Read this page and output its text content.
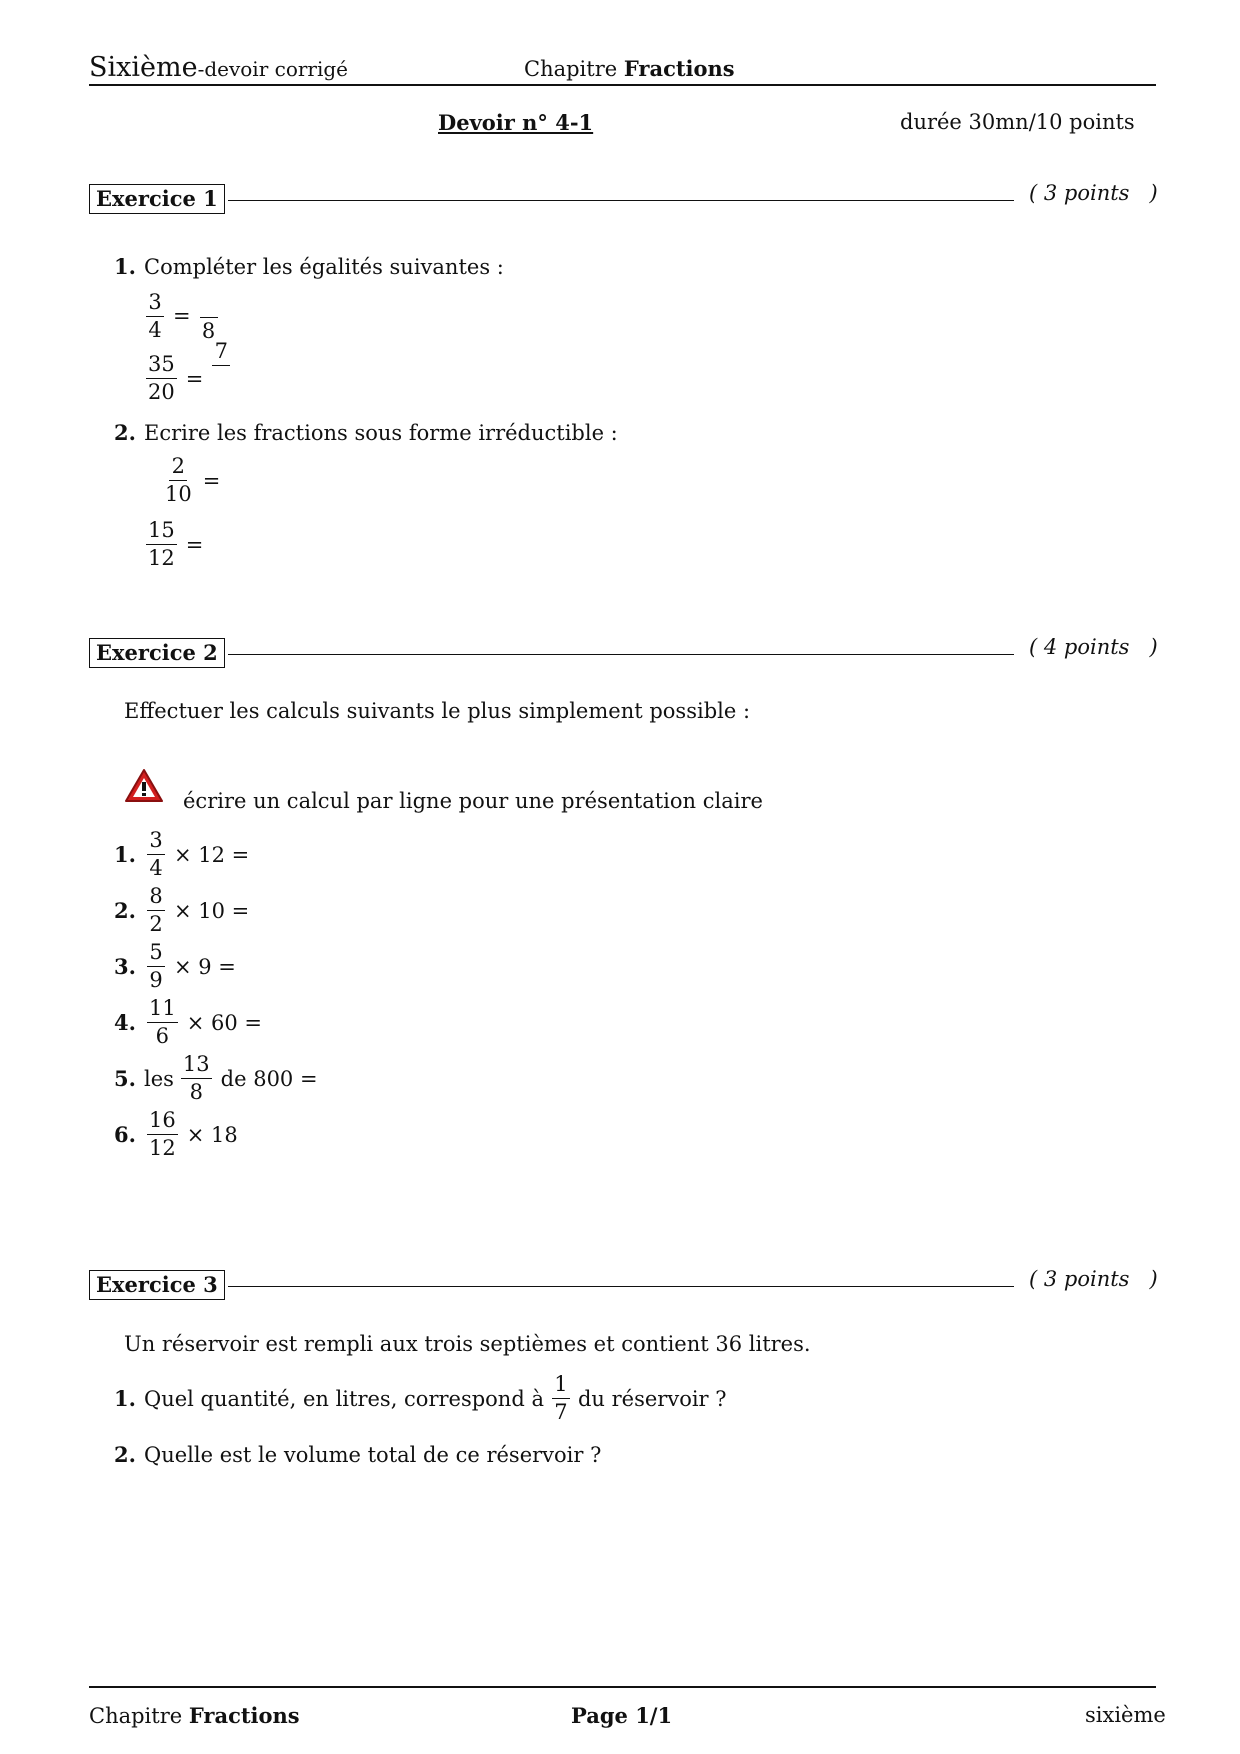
Sixième-devoir corrigé	Chapitre Fractions
Devoir n° 4-1	durée 30mn/10 points
Exercice 1	( 3 points   )
1. Compléter les égalités suivantes :
$\frac{3}{4}$ =
8
$\frac{35}{20}$ =
7
2. Ecrire les fractions sous forme irréductible :
$\frac{2}{10}$ =
$\frac{15}{12}$ =
Exercice 2	( 4 points   )
Effectuer les calculs suivants le plus simplement possible :
écrire un calcul par ligne pour une présentation claire
1. $\frac{3}{4} \times 12$ =
2. $\frac{8}{2} \times 10$ =
3. $\frac{5}{9} \times 9$ =
4. $\frac{11}{6} \times 60$ =
5. les $\frac{13}{8}$ de 800 =
6. $\frac{16}{12} \times 18$
Exercice 3	( 3 points   )
Un réservoir est rempli aux trois septièmes et contient 36 litres.
1. Quel quantité, en litres, correspond à $\frac{1}{7}$ du réservoir ?
2. Quelle est le volume total de ce réservoir ?
Chapitre Fractions	Page 1/1	sixième
